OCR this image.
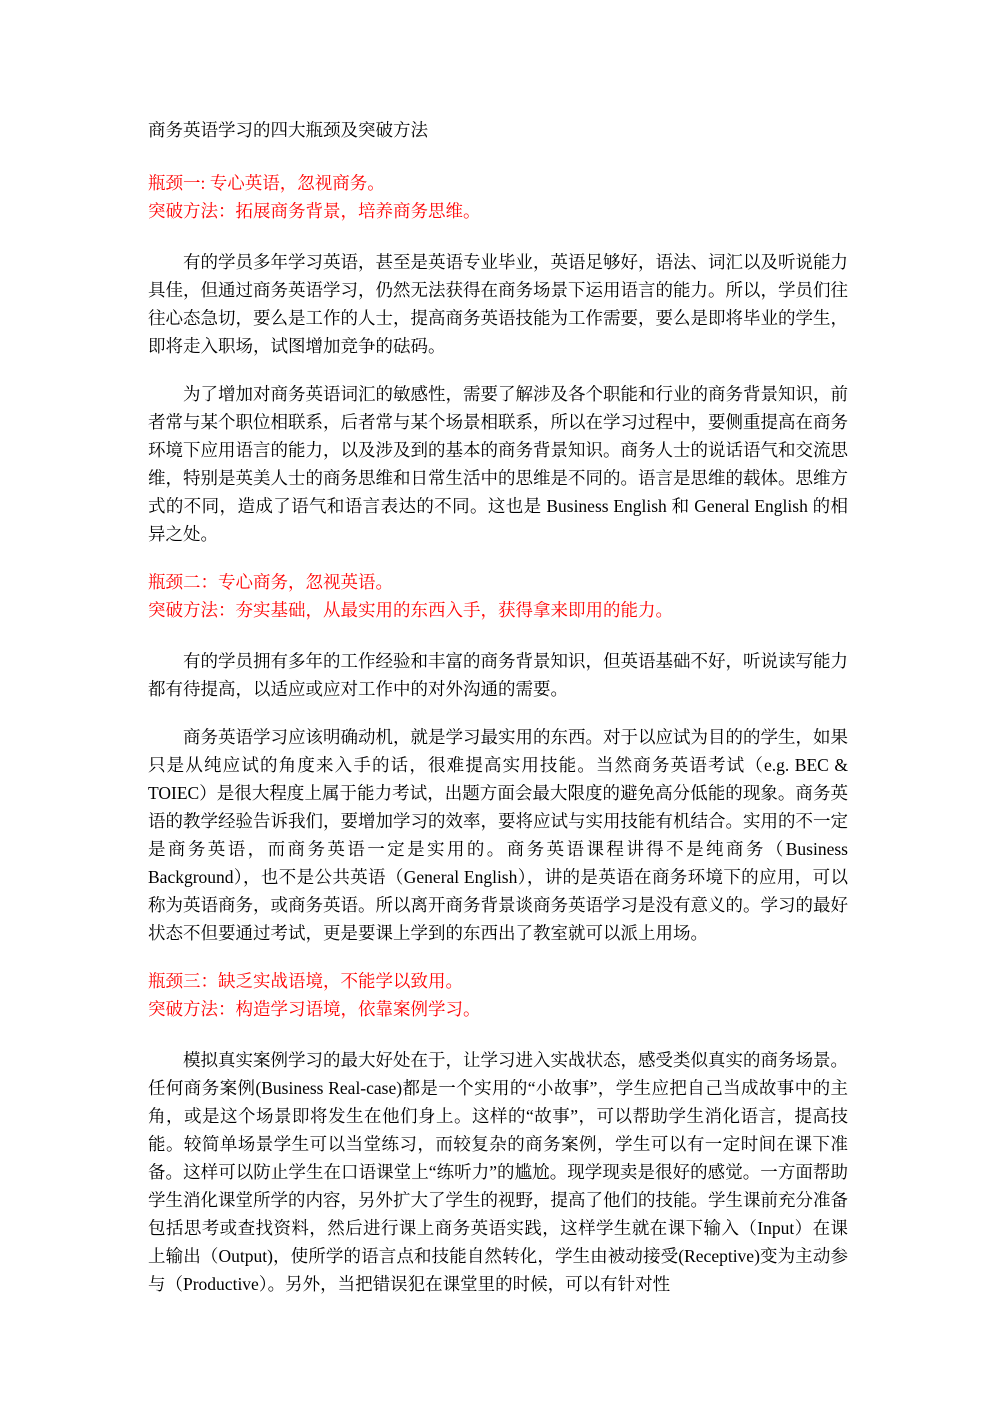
商务英语学习的四大瓶颈及突破方法

瓶颈一: 专心英语，忽视商务。

突破方法：拓展商务背景，培养商务思维。

有的学员多年学习英语，甚至是英语专业毕业，英语足够好，语法、词汇以及听说能力具佳，但通过商务英语学习，仍然无法获得在商务场景下运用语言的能力。所以，学员们往往心态急切，要么是工作的人士，提高商务英语技能为工作需要，要么是即将毕业的学生，即将走入职场，试图增加竞争的砝码。

为了增加对商务英语词汇的敏感性，需要了解涉及各个职能和行业的商务背景知识，前者常与某个职位相联系，后者常与某个场景相联系，所以在学习过程中，要侧重提高在商务环境下应用语言的能力，以及涉及到的基本的商务背景知识。商务人士的说话语气和交流思维，特别是英美人士的商务思维和日常生活中的思维是不同的。语言是思维的载体。思维方式的不同，造成了语气和语言表达的不同。这也是 Business English 和 General English 的相异之处。

瓶颈二：专心商务，忽视英语。

突破方法：夯实基础，从最实用的东西入手，获得拿来即用的能力。

有的学员拥有多年的工作经验和丰富的商务背景知识，但英语基础不好，听说读写能力都有待提高，以适应或应对工作中的对外沟通的需要。

商务英语学习应该明确动机，就是学习最实用的东西。对于以应试为目的的学生，如果只是从纯应试的角度来入手的话，很难提高实用技能。当然商务英语考试（e.g. BEC & TOIEC）是很大程度上属于能力考试，出题方面会最大限度的避免高分低能的现象。商务英语的教学经验告诉我们，要增加学习的效率，要将应试与实用技能有机结合。实用的不一定是商务英语，而商务英语一定是实用的。商务英语课程讲得不是纯商务（Business Background），也不是公共英语（General English），讲的是英语在商务环境下的应用，可以称为英语商务，或商务英语。所以离开商务背景谈商务英语学习是没有意义的。学习的最好状态不但要通过考试，更是要课上学到的东西出了教室就可以派上用场。

瓶颈三：缺乏实战语境，不能学以致用。

突破方法：构造学习语境，依靠案例学习。

模拟真实案例学习的最大好处在于，让学习进入实战状态，感受类似真实的商务场景。任何商务案例(Business Real-case)都是一个实用的“小故事”，学生应把自己当成故事中的主角，或是这个场景即将发生在他们身上。这样的“故事”，可以帮助学生消化语言，提高技能。较简单场景学生可以当堂练习，而较复杂的商务案例，学生可以有一定时间在课下准备。这样可以防止学生在口语课堂上“练听力”的尴尬。现学现卖是很好的感觉。一方面帮助学生消化课堂所学的内容，另外扩大了学生的视野，提高了他们的技能。学生课前充分准备包括思考或查找资料，然后进行课上商务英语实践，这样学生就在课下输入（Input）在课上输出（Output)，使所学的语言点和技能自然转化，学生由被动接受(Receptive)变为主动参与（Productive）。另外，当把错误犯在课堂里的时候，可以有针对性
